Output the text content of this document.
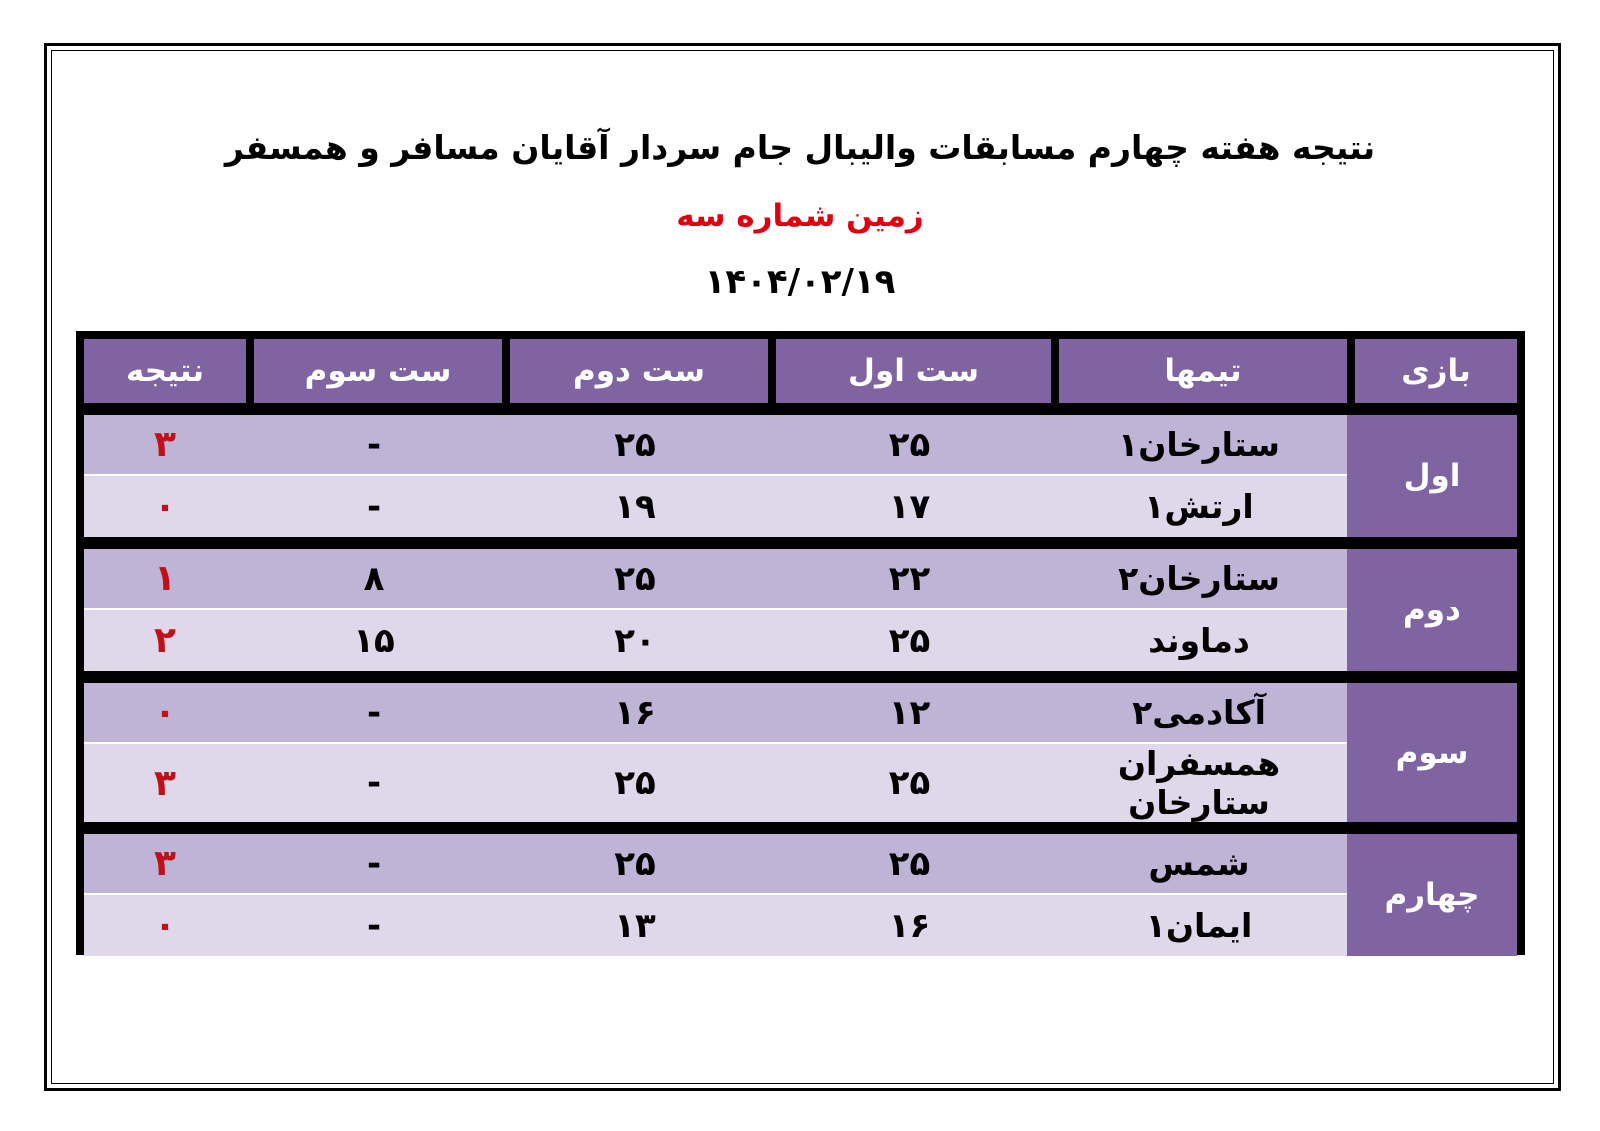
نتیجه هفته چهارم مسابقات والیبال جام سردار آقایان مسافر و همسفر
زمین شماره سه
۱۴۰۴/۰۲/۱۹
بازی	تیمها	ست اول	ست دوم	ست سوم	نتیجه

اول	ستارخان۱	۲۵	۲۵	-	۳
	ارتش۱	۱۷	۱۹	-	۰

دوم	ستارخان۲	۲۲	۲۵	۸	۱
	دماوند	۲۵	۲۰	۱۵	۲

سوم	آکادمی۲	۱۲	۱۶	-	۰
	همسفران ستارخان	۲۵	۲۵	-	۳

چهارم	شمس	۲۵	۲۵	-	۳
	ایمان۱	۱۶	۱۳	-	۰
